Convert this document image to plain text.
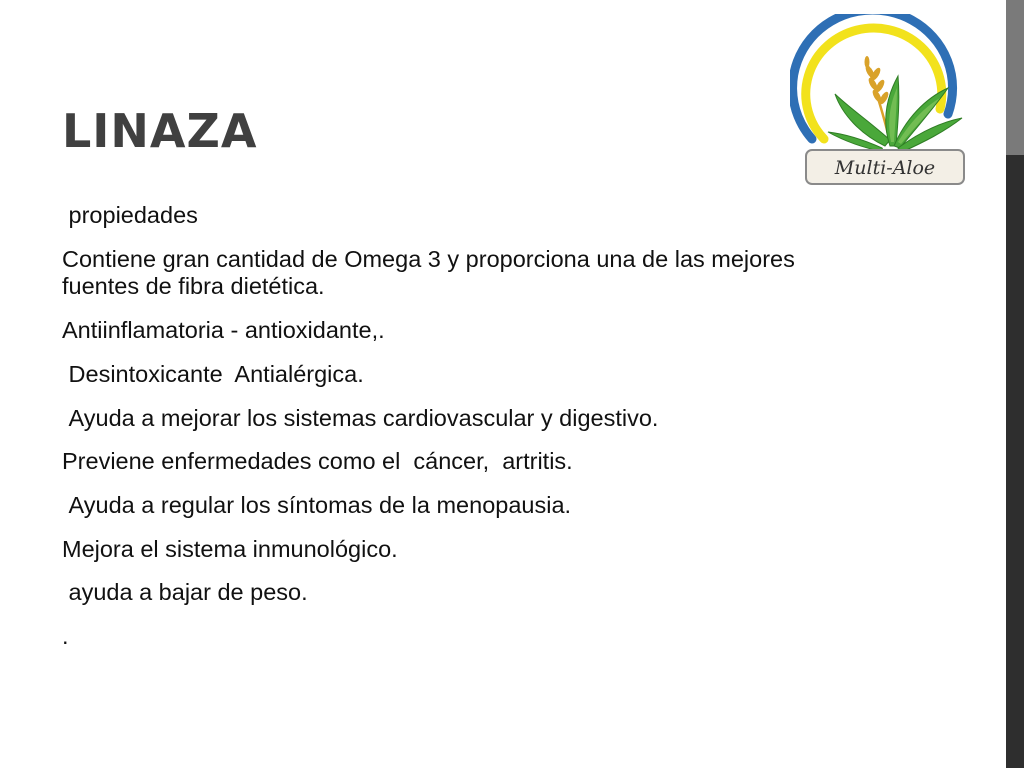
LINAZA

propiedades

Contiene gran cantidad de Omega 3 y proporciona una de las mejores fuentes de fibra dietética.

Antiinflamatoria - antioxidante,.

Desintoxicante  Antialérgica.

Ayuda a mejorar los sistemas cardiovascular y digestivo.

Previene enfermedades como el  cáncer,  artritis.

Ayuda a regular los síntomas de la menopausia.

Mejora el sistema inmunológico.

ayuda a bajar de peso.

.

Multi-Aloe
